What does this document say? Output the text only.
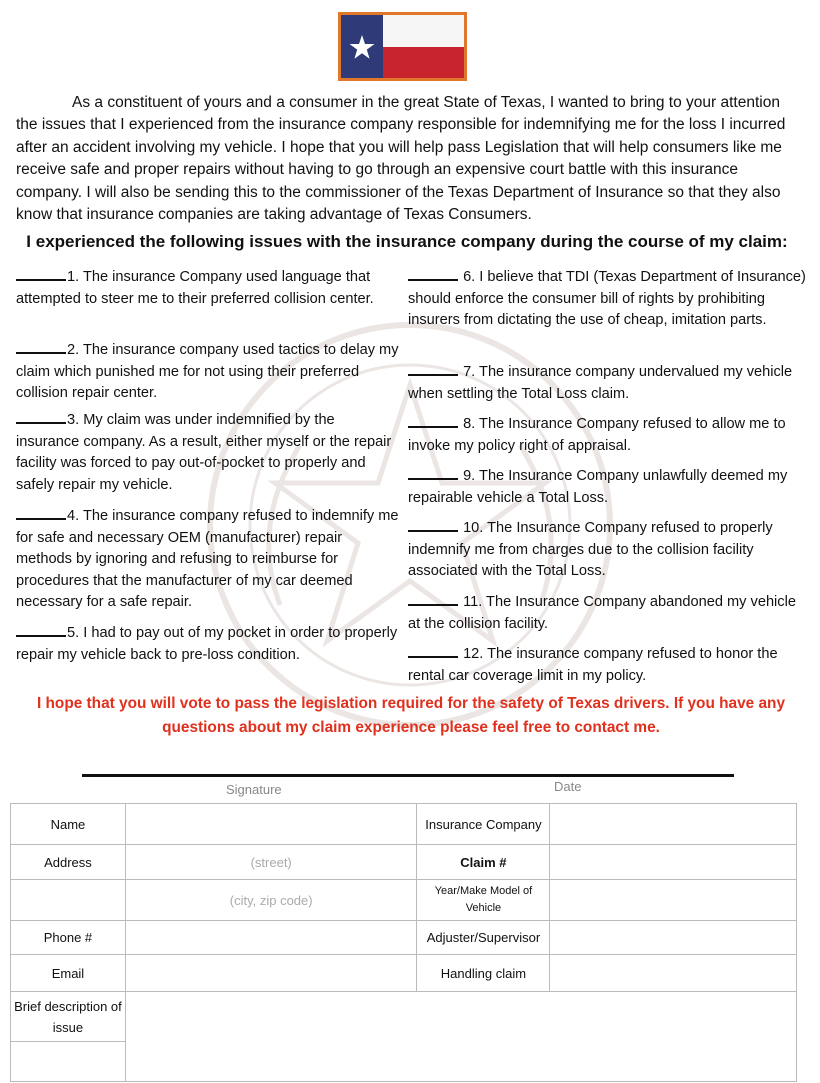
As a constituent of yours and a consumer in the great State of Texas, I wanted to bring to your attention the issues that I experienced from the insurance company responsible for indemnifying me for the loss I incurred after an accident involving my vehicle. I hope that you will help pass Legislation that will help consumers like me receive safe and proper repairs without having to go through an expensive court battle with this insurance company. I will also be sending this to the commissioner of the Texas Department of Insurance so that they also know that insurance companies are taking advantage of Texas Consumers.

I experienced the following issues with the insurance company during the course of my claim:

1. The insurance Company used language that attempted to steer me to their preferred collision center.

2. The insurance company used tactics to delay my claim which punished me for not using their preferred collision repair center.

3. My claim was under indemnified by the insurance company. As a result, either myself or the repair facility was forced to pay out-of-pocket to properly and safely repair my vehicle.

4. The insurance company refused to indemnify me for safe and necessary OEM (manufacturer) repair methods by ignoring and refusing to reimburse for procedures that the manufacturer of my car deemed necessary for a safe repair.

5. I had to pay out of my pocket in order to properly repair my vehicle back to pre-loss condition.

6. I believe that TDI (Texas Department of Insurance) should enforce the consumer bill of rights by prohibiting insurers from dictating the use of cheap, imitation parts.

7. The insurance company undervalued my vehicle when settling the Total Loss claim.

8. The Insurance Company refused to allow me to invoke my policy right of appraisal.

9. The Insurance Company unlawfully deemed my repairable vehicle a Total Loss.

10. The Insurance Company refused to properly indemnify me from charges due to the collision facility associated with the Total Loss.

11. The Insurance Company abandoned my vehicle at the collision facility.

12. The insurance company refused to honor the rental car coverage limit in my policy.

I hope that you will vote to pass the legislation required for the safety of Texas drivers. If you have any questions about my claim experience please feel free to contact me.

Signature	Date
Name		Insurance Company	
Address	(street)	Claim #	
	(city, zip code)	Year/Make Model of Vehicle	
Phone #		Adjuster/Supervisor	
Email		Handling claim	
Brief description of issue			
